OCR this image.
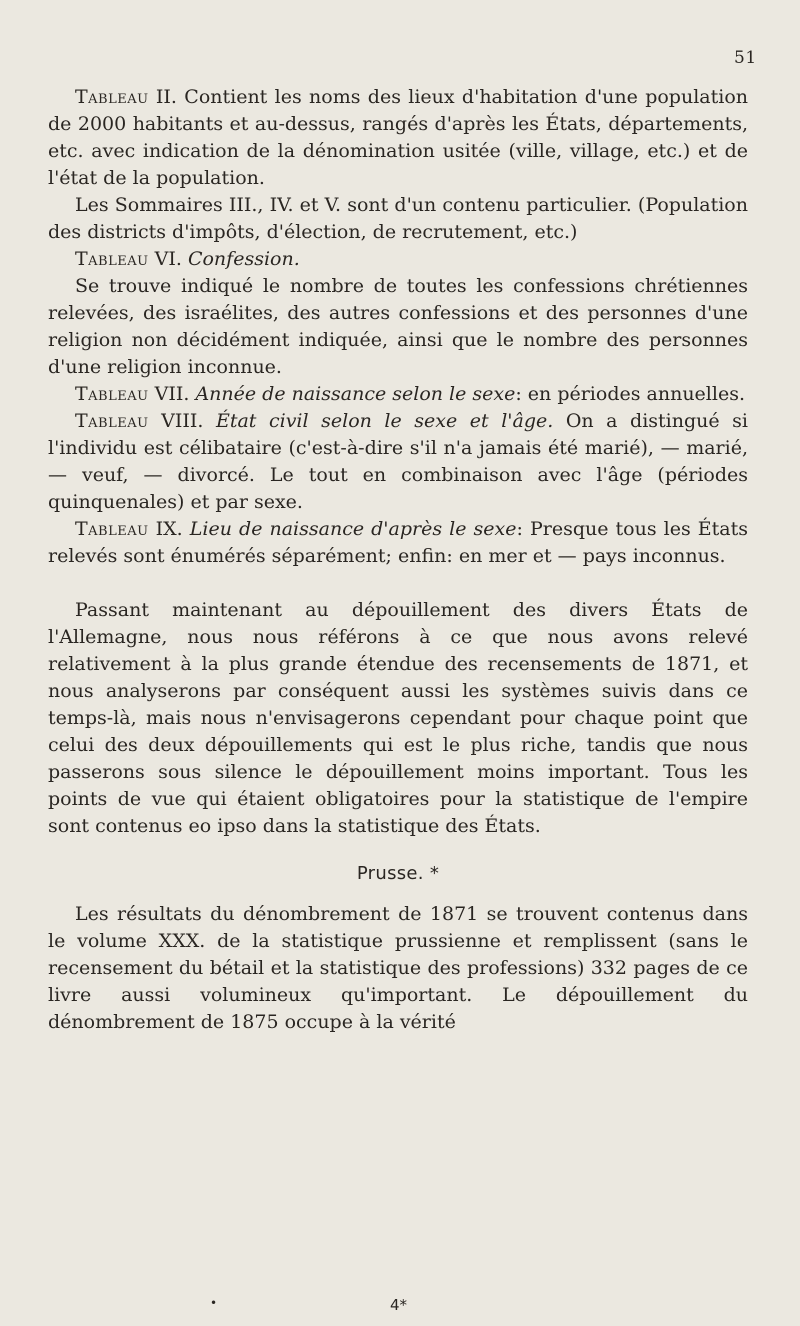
51

Tableau II. Contient les noms des lieux d'habitation d'une population de 2000 habitants et au-dessus, rangés d'après les États, départements, etc. avec indication de la dénomination usitée (ville, village, etc.) et de l'état de la population.

Les Sommaires III., IV. et V. sont d'un contenu particulier. (Population des districts d'impôts, d'élection, de recrutement, etc.)

Tableau VI. Confession.

Se trouve indiqué le nombre de toutes les confessions chrétiennes relevées, des israélites, des autres confessions et des personnes d'une religion non décidément indiquée, ainsi que le nombre des personnes d'une religion inconnue.

Tableau VII. Année de naissance selon le sexe: en périodes annuelles.

Tableau VIII. État civil selon le sexe et l'âge. On a distingué si l'individu est célibataire (c'est-à-dire s'il n'a jamais été marié), — marié, — veuf, — divorcé. Le tout en combinaison avec l'âge (périodes quinquenales) et par sexe.

Tableau IX. Lieu de naissance d'après le sexe: Presque tous les États relevés sont énumérés séparément; enfin: en mer et — pays inconnus.

Passant maintenant au dépouillement des divers États de l'Allemagne, nous nous référons à ce que nous avons relevé relativement à la plus grande étendue des recensements de 1871, et nous analyserons par conséquent aussi les systèmes suivis dans ce temps-là, mais nous n'envisagerons cependant pour chaque point que celui des deux dépouillements qui est le plus riche, tandis que nous passerons sous silence le dépouillement moins important. Tous les points de vue qui étaient obligatoires pour la statistique de l'empire sont contenus eo ipso dans la statistique des États.

Prusse. *

Les résultats du dénombrement de 1871 se trouvent contenus dans le volume XXX. de la statistique prussienne et remplissent (sans le recensement du bétail et la statistique des professions) 332 pages de ce livre aussi volumineux qu'important. Le dépouillement du dénombrement de 1875 occupe à la vérité

•	4*
